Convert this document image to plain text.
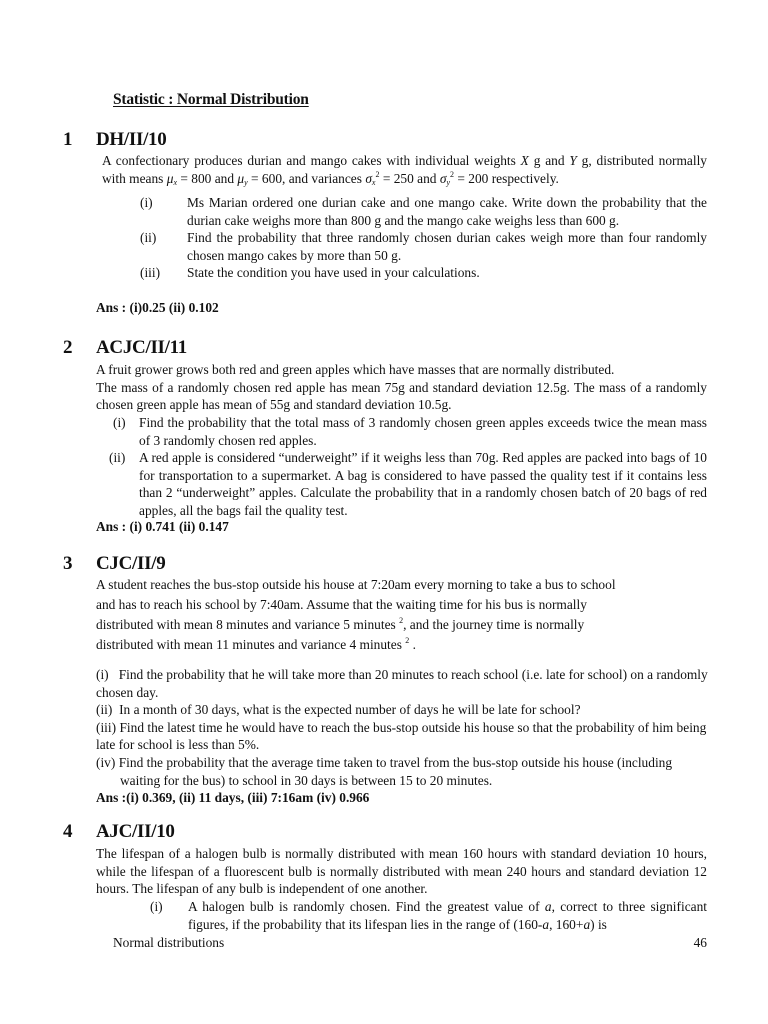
Statistic : Normal Distribution
1 DH/II/10
A confectionary produces durian and mango cakes with individual weights X g and Y g, distributed normally with means $\mu_x = 800$ and $\mu_y = 600$, and variances $\sigma_x^2 = 250$ and $\sigma_y^2 = 200$ respectively.
(i)	Ms Marian ordered one durian cake and one mango cake. Write down the probability that the durian cake weighs more than 800 g and the mango cake weighs less than 600 g.
(ii)	Find the probability that three randomly chosen durian cakes weigh more than four randomly chosen mango cakes by more than 50 g.
(iii)	State the condition you have used in your calculations.
Ans : (i)0.25 (ii) 0.102
2 ACJC/II/11

A fruit grower grows both red and green apples which have masses that are normally distributed.

The mass of a randomly chosen red apple has mean 75g and standard deviation 12.5g. The mass of a randomly chosen green apple has mean of 55g and standard deviation 10.5g.

(i) Find the probability that the total mass of 3 randomly chosen green apples exceeds twice the mean mass of 3 randomly chosen red apples.
(ii)	A red apple is considered “underweight” if it weighs less than 70g. Red apples are packed into bags of 10 for transportation to a supermarket. A bag is considered to have passed the quality test if it contains less than 2 “underweight” apples. Calculate the probability that in a randomly chosen batch of 20 bags of red apples, all the bags fail the quality test.
Ans : (i) 0.741 (ii) 0.147
3 CJC/II/9
A student reaches the bus-stop outside his house at 7:20am every morning to take a bus to school
and has to reach his school by 7:40am. Assume that the waiting time for his bus is normally
distributed with mean 8 minutes and variance 5 minutes $^2$, and the journey time is normally
distributed with mean 11 minutes and variance 4 minutes $^2$ .
(i) Find the probability that he will take more than 20 minutes to reach school (i.e. late for school) on a randomly chosen day.
(ii) In a month of 30 days, what is the expected number of days he will be late for school?
(iii) Find the latest time he would have to reach the bus-stop outside his house so that the probability of him being late for school is less than 5%.
(iv) Find the probability that the average time taken to travel from the bus-stop outside his house (including waiting for the bus) to school in 30 days is between 15 to 20 minutes.
Ans :(i) 0.369, (ii) 11 days, (iii) 7:16am (iv) 0.966
4 AJC/II/10
The lifespan of a halogen bulb is normally distributed with mean 160 hours with standard deviation 10 hours, while the lifespan of a fluorescent bulb is normally distributed with mean 240 hours and standard deviation 12 hours. The lifespan of any bulb is independent of one another.
(i)	A halogen bulb is randomly chosen. Find the greatest value of a, correct to three significant figures, if the probability that its lifespan lies in the range of (160-a, 160+a) is
Normal distributions	46
